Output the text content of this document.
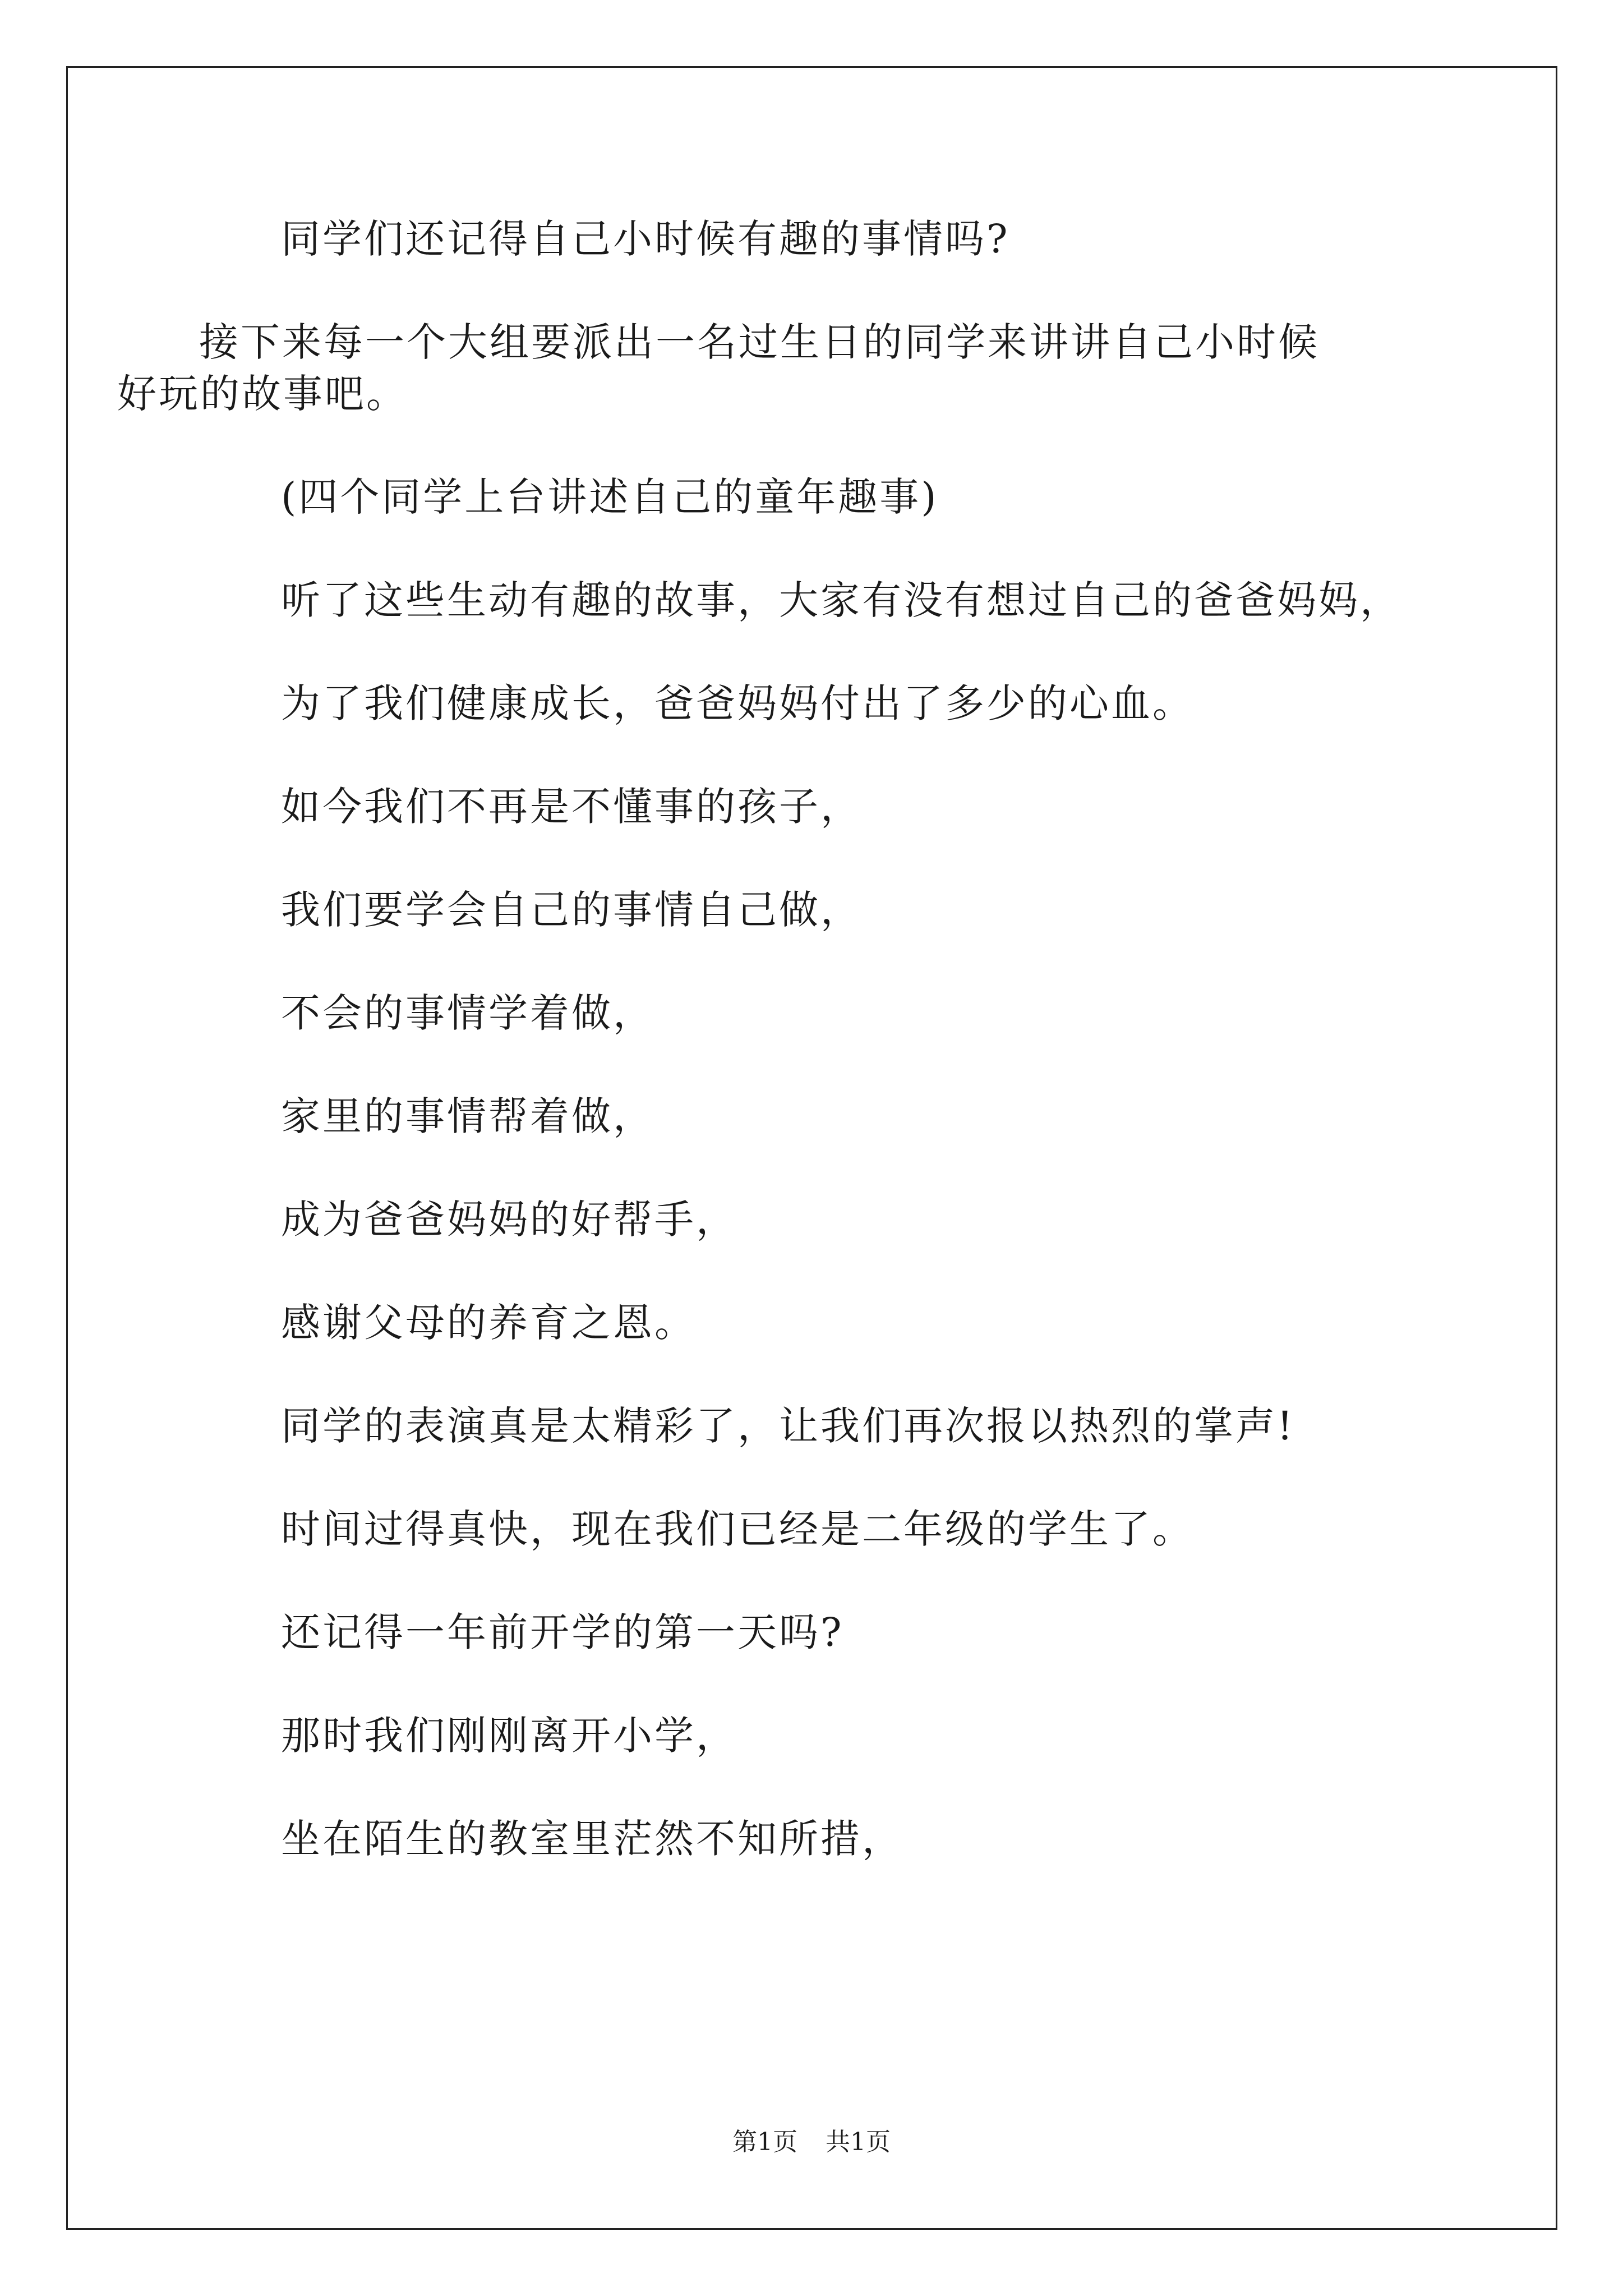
同学们还记得自己小时候有趣的事情吗?

接下来每一个大组要派出一名过生日的同学来讲讲自己小时候好玩的故事吧。

(四个同学上台讲述自己的童年趣事)

听了这些生动有趣的故事，大家有没有想过自己的爸爸妈妈，

为了我们健康成长，爸爸妈妈付出了多少的心血。

如今我们不再是不懂事的孩子，

我们要学会自己的事情自己做，

不会的事情学着做，

家里的事情帮着做，

成为爸爸妈妈的好帮手，

感谢父母的养育之恩。

同学的表演真是太精彩了，让我们再次报以热烈的掌声!

时间过得真快，现在我们已经是二年级的学生了。

还记得一年前开学的第一天吗?

那时我们刚刚离开小学，

坐在陌生的教室里茫然不知所措，

第1页 共1页
